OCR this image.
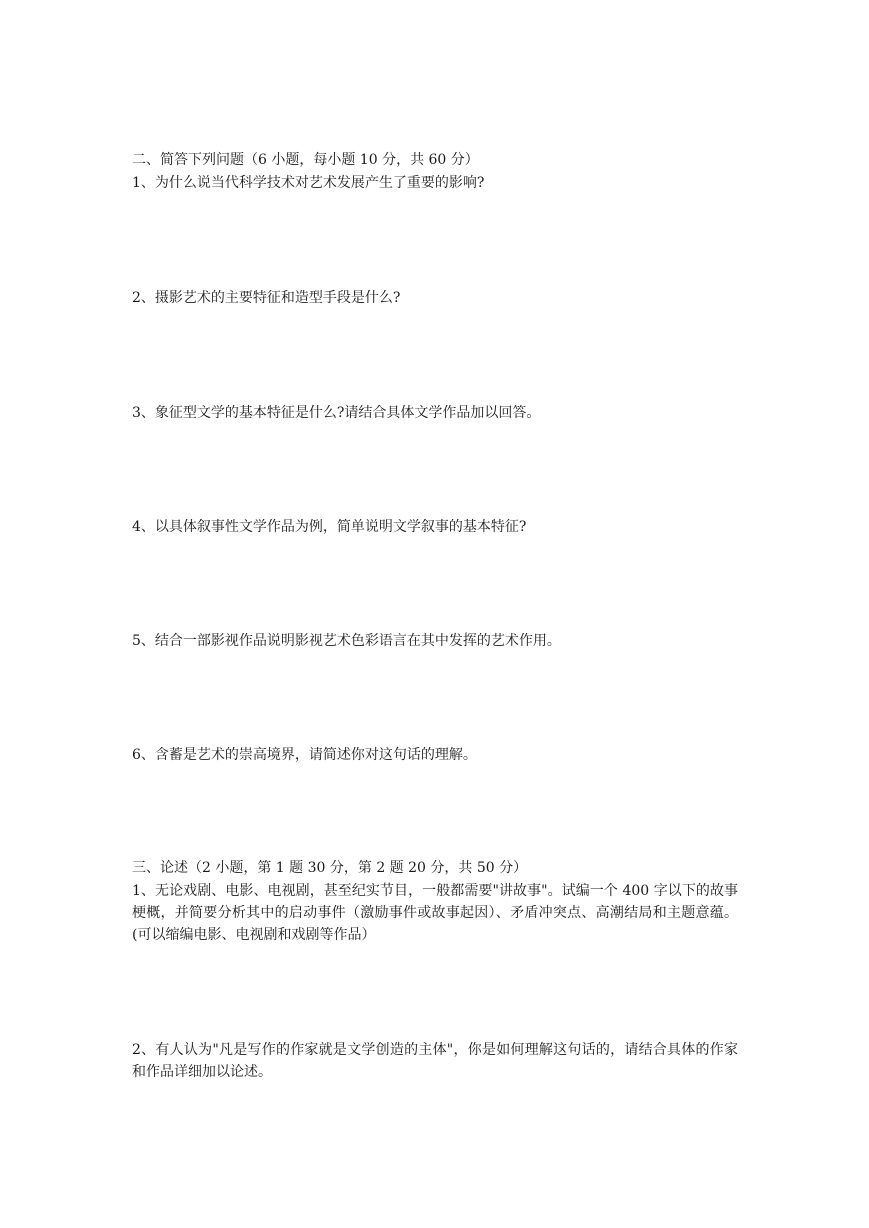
二、简答下列问题（6 小题，每小题 10 分，共 60 分）
1、为什么说当代科学技术对艺术发展产生了重要的影响?
2、摄影艺术的主要特征和造型手段是什么?
3、象征型文学的基本特征是什么?请结合具体文学作品加以回答。
4、以具体叙事性文学作品为例，简单说明文学叙事的基本特征?
5、结合一部影视作品说明影视艺术色彩语言在其中发挥的艺术作用。
6、含蓄是艺术的崇高境界，请简述你对这句话的理解。
三、论述（2 小题，第 1 题 30 分，第 2 题 20 分，共 50 分）
1、无论戏剧、电影、电视剧，甚至纪实节目，一般都需要"讲故事"。试编一个 400 字以下的故事梗概，并简要分析其中的启动事件（激励事件或故事起因）、矛盾冲突点、高潮结局和主题意蕴。(可以缩编电影、电视剧和戏剧等作品）
2、有人认为"凡是写作的作家就是文学创造的主体"，你是如何理解这句话的，请结合具体的作家和作品详细加以论述。
